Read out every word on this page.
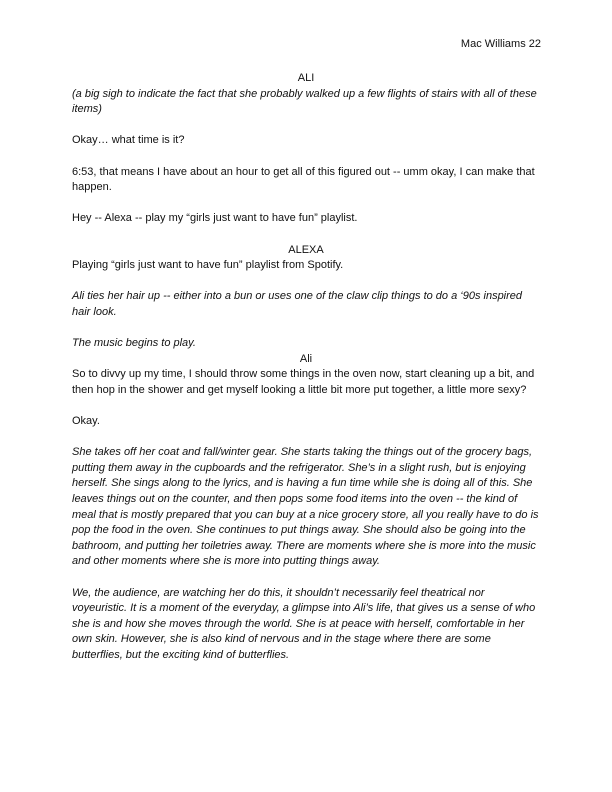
Mac Williams 22

ALI

(a big sigh to indicate the fact that she probably walked up a few flights of stairs with all of these items)

Okay… what time is it?

6:53, that means I have about an hour to get all of this figured out -- umm okay, I can make that happen.

Hey -- Alexa -- play my “girls just want to have fun” playlist.

ALEXA

Playing “girls just want to have fun” playlist from Spotify.

Ali ties her hair up -- either into a bun or uses one of the claw clip things to do a ‘90s inspired hair look.

The music begins to play.

Ali

So to divvy up my time, I should throw some things in the oven now, start cleaning up a bit, and then hop in the shower and get myself looking a little bit more put together, a little more sexy?

Okay.

She takes off her coat and fall/winter gear. She starts taking the things out of the grocery bags, putting them away in the cupboards and the refrigerator. She’s in a slight rush, but is enjoying herself. She sings along to the lyrics, and is having a fun time while she is doing all of this. She leaves things out on the counter, and then pops some food items into the oven -- the kind of meal that is mostly prepared that you can buy at a nice grocery store, all you really have to do is pop the food in the oven. She continues to put things away. She should also be going into the bathroom, and putting her toiletries away. There are moments where she is more into the music and other moments where she is more into putting things away.

We, the audience, are watching her do this, it shouldn’t necessarily feel theatrical nor voyeuristic. It is a moment of the everyday, a glimpse into Ali’s life, that gives us a sense of who she is and how she moves through the world. She is at peace with herself, comfortable in her own skin. However, she is also kind of nervous and in the stage where there are some butterflies, but the exciting kind of butterflies.
